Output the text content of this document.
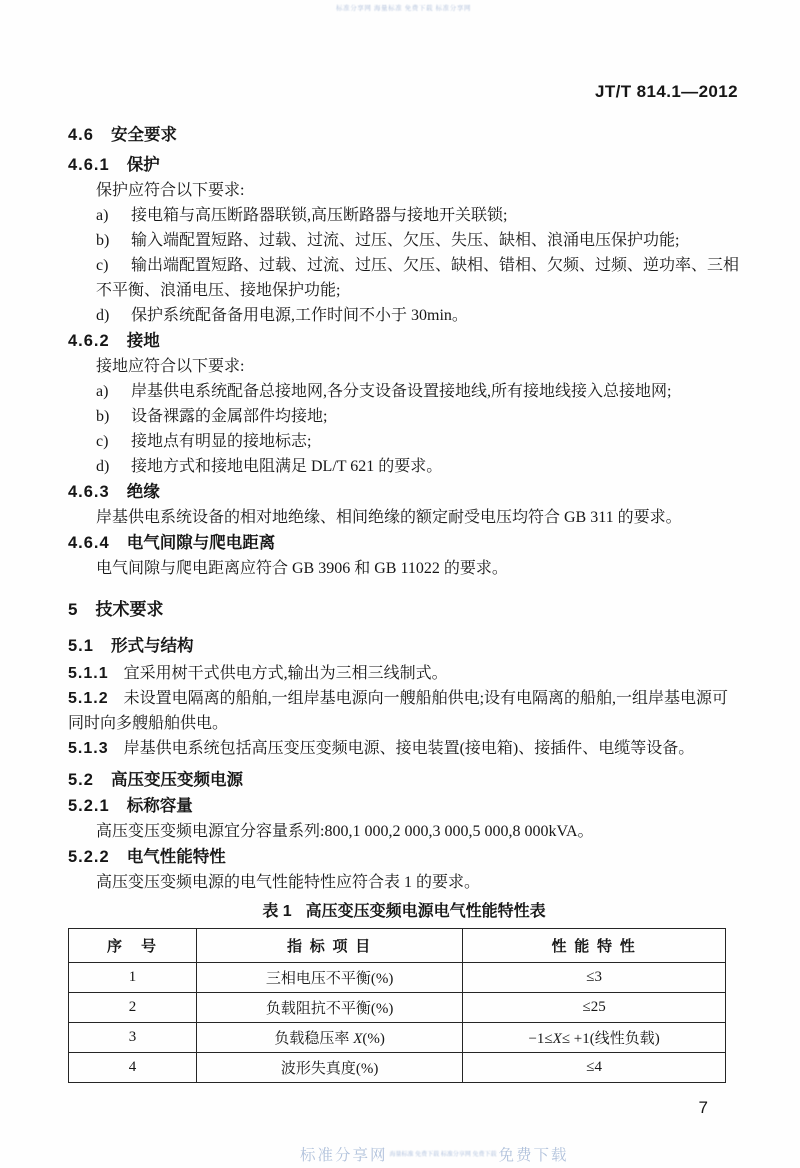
标准分享网 海量标准 免费下载 标准分享网
JT/T 814.1—2012
4.6 安全要求
4.6.1 保护

保护应符合以下要求:

a) 接电箱与高压断路器联锁,高压断路器与接地开关联锁;

b) 输入端配置短路、过载、过流、过压、欠压、失压、缺相、浪涌电压保护功能;

c) 输出端配置短路、过载、过流、过压、欠压、缺相、错相、欠频、过频、逆功率、三相不平衡、浪涌电压、接地保护功能;

d) 保护系统配备备用电源,工作时间不小于 30min。

4.6.2 接地

接地应符合以下要求:

a) 岸基供电系统配备总接地网,各分支设备设置接地线,所有接地线接入总接地网;

b) 设备裸露的金属部件均接地;

c) 接地点有明显的接地标志;

d) 接地方式和接地电阻满足 DL/T 621 的要求。

4.6.3 绝缘

岸基供电系统设备的相对地绝缘、相间绝缘的额定耐受电压均符合 GB 311 的要求。

4.6.4 电气间隙与爬电距离

电气间隙与爬电距离应符合 GB 3906 和 GB 11022 的要求。

5 技术要求
5.1 形式与结构

5.1.1 宜采用树干式供电方式,输出为三相三线制式。

5.1.2 未设置电隔离的船舶,一组岸基电源向一艘船舶供电;设有电隔离的船舶,一组岸基电源可同时向多艘船舶供电。

5.1.3 岸基供电系统包括高压变压变频电源、接电装置(接电箱)、接插件、电缆等设备。

5.2 高压变压变频电源
5.2.1 标称容量

高压变压变频电源宜分容量系列:800,1 000,2 000,3 000,5 000,8 000kVA。

5.2.2 电气性能特性

高压变压变频电源的电气性能特性应符合表 1 的要求。

表 1 高压变压变频电源电气性能特性表
序　号	指 标 项 目	性 能 特 性
1	三相电压不平衡(%)	≤3
2	负载阻抗不平衡(%)	≤25
3	负载稳压率 X(%)	−1≤X≤ +1(线性负载)
4	波形失真度(%)	≤4
7
标准分享网 海量标准 免费下载 标准分享网 免费下载 免费下载
